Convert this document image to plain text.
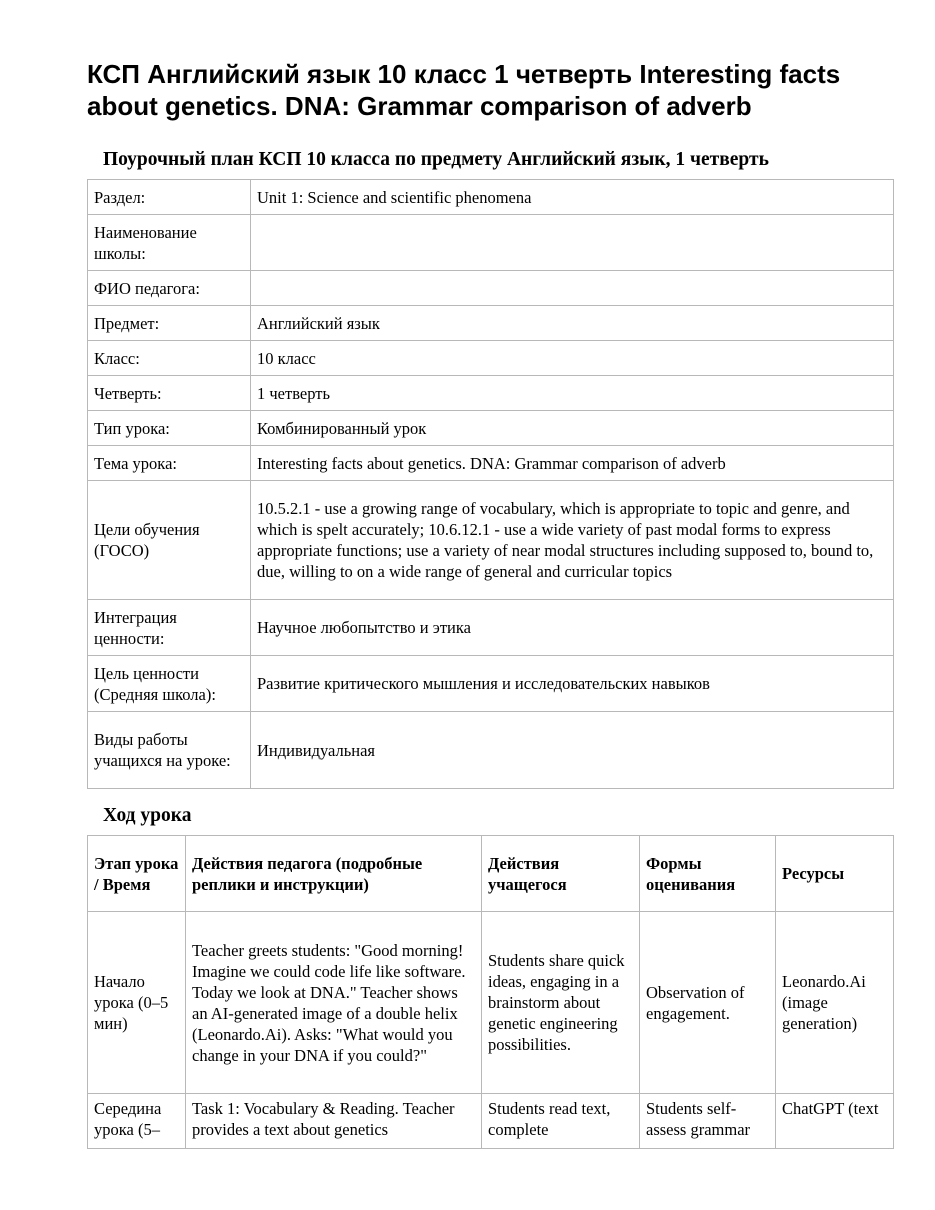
КСП Английский язык 10 класс 1 четверть Interesting facts about genetics. DNA: Grammar comparison of adverb
Поурочный план КСП 10 класса по предмету Английский язык, 1 четверть
Раздел:	Unit 1: Science and scientific phenomena
Наименование школы:	
ФИО педагога:	
Предмет:	Английский язык
Класс:	10 класс
Четверть:	1 четверть
Тип урока:	Комбинированный урок
Тема урока:	Interesting facts about genetics. DNA: Grammar comparison of adverb
Цели обучения (ГОСО)	10.5.2.1 - use a growing range of vocabulary, which is appropriate to topic and genre, and which is spelt accurately; 10.6.12.1 - use a wide variety of past modal forms to express appropriate functions; use a variety of near modal structures including supposed to, bound to, due, willing to on a wide range of general and curricular topics
Интеграция ценности:	Научное любопытство и этика
Цель ценности (Средняя школа):	Развитие критического мышления и исследовательских навыков
Виды работы учащихся на уроке:	Индивидуальная
Ход урока
Этап урока / Время	Действия педагога (подробные реплики и инструкции)	Действия учащегося	Формы оценивания	Ресурсы
Начало урока (0–5 мин)	Teacher greets students: "Good morning! Imagine we could code life like software. Today we look at DNA." Teacher shows an AI-generated image of a double helix (Leonardo.Ai). Asks: "What would you change in your DNA if you could?"	Students share quick ideas, engaging in a brainstorm about genetic engineering possibilities.	Observation of engagement.	Leonardo.Ai (image generation)

Середина урока (5–	Task 1: Vocabulary & Reading. Teacher provides a text about genetics	Students read text, complete	Students self-assess grammar	ChatGPT (text
